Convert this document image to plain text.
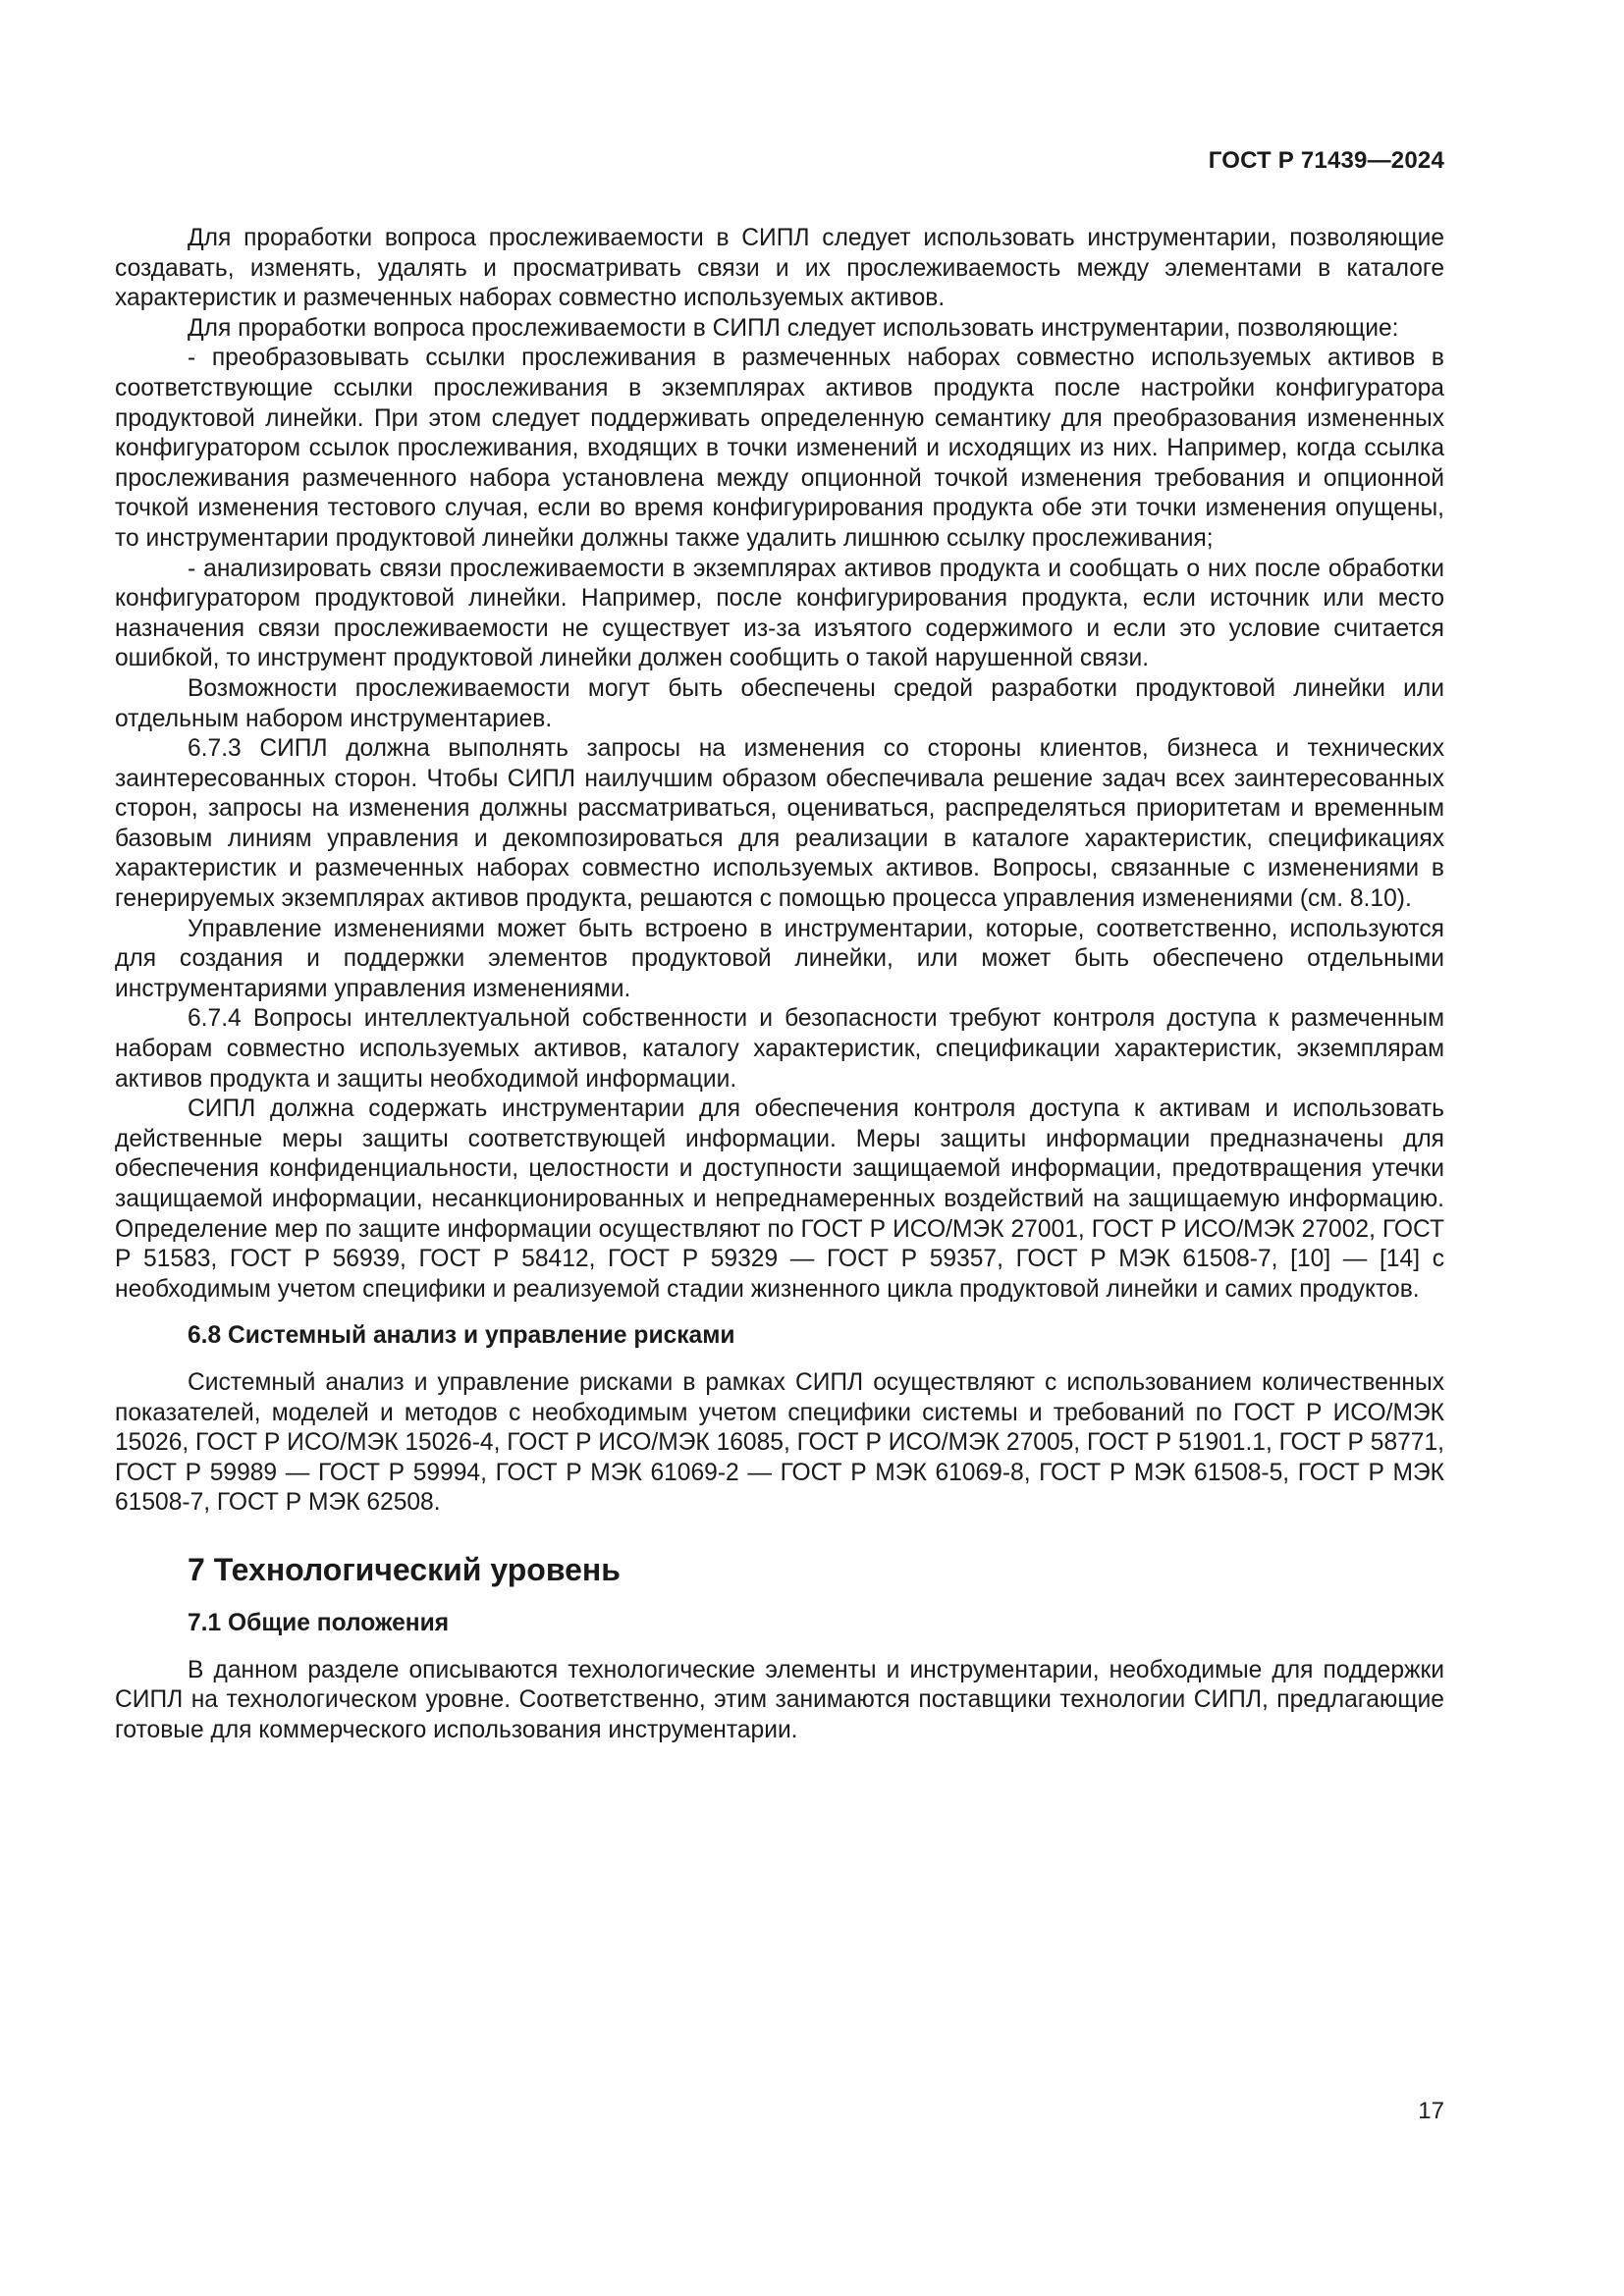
ГОСТ Р 71439—2024

Для проработки вопроса прослеживаемости в СИПЛ следует использовать инструментарии, позволяющие создавать, изменять, удалять и просматривать связи и их прослеживаемость между элементами в каталоге характеристик и размеченных наборах совместно используемых активов.

Для проработки вопроса прослеживаемости в СИПЛ следует использовать инструментарии, позволяющие:

- преобразовывать ссылки прослеживания в размеченных наборах совместно используемых активов в соответствующие ссылки прослеживания в экземплярах активов продукта после настройки конфигуратора продуктовой линейки. При этом следует поддерживать определенную семантику для преобразования измененных конфигуратором ссылок прослеживания, входящих в точки изменений и исходящих из них. Например, когда ссылка прослеживания размеченного набора установлена между опционной точкой изменения требования и опционной точкой изменения тестового случая, если во время конфигурирования продукта обе эти точки изменения опущены, то инструментарии продуктовой линейки должны также удалить лишнюю ссылку прослеживания;

- анализировать связи прослеживаемости в экземплярах активов продукта и сообщать о них после обработки конфигуратором продуктовой линейки. Например, после конфигурирования продукта, если источник или место назначения связи прослеживаемости не существует из-за изъятого содержимого и если это условие считается ошибкой, то инструмент продуктовой линейки должен сообщить о такой нарушенной связи.

Возможности прослеживаемости могут быть обеспечены средой разработки продуктовой линейки или отдельным набором инструментариев.

6.7.3 СИПЛ должна выполнять запросы на изменения со стороны клиентов, бизнеса и технических заинтересованных сторон. Чтобы СИПЛ наилучшим образом обеспечивала решение задач всех заинтересованных сторон, запросы на изменения должны рассматриваться, оцениваться, распределяться приоритетам и временным базовым линиям управления и декомпозироваться для реализации в каталоге характеристик, спецификациях характеристик и размеченных наборах совместно используемых активов. Вопросы, связанные с изменениями в генерируемых экземплярах активов продукта, решаются с помощью процесса управления изменениями (см. 8.10).

Управление изменениями может быть встроено в инструментарии, которые, соответственно, используются для создания и поддержки элементов продуктовой линейки, или может быть обеспечено отдельными инструментариями управления изменениями.

6.7.4 Вопросы интеллектуальной собственности и безопасности требуют контроля доступа к размеченным наборам совместно используемых активов, каталогу характеристик, спецификации характеристик, экземплярам активов продукта и защиты необходимой информации.

СИПЛ должна содержать инструментарии для обеспечения контроля доступа к активам и использовать действенные меры защиты соответствующей информации. Меры защиты информации предназначены для обеспечения конфиденциальности, целостности и доступности защищаемой информации, предотвращения утечки защищаемой информации, несанкционированных и непреднамеренных воздействий на защищаемую информацию. Определение мер по защите информации осуществляют по ГОСТ Р ИСО/МЭК 27001, ГОСТ Р ИСО/МЭК 27002, ГОСТ Р 51583, ГОСТ Р 56939, ГОСТ Р 58412, ГОСТ Р 59329 — ГОСТ Р 59357, ГОСТ Р МЭК 61508-7, [10] — [14] с необходимым учетом специфики и реализуемой стадии жизненного цикла продуктовой линейки и самих продуктов.

6.8 Системный анализ и управление рисками

Системный анализ и управление рисками в рамках СИПЛ осуществляют с использованием количественных показателей, моделей и методов с необходимым учетом специфики системы и требований по ГОСТ Р ИСО/МЭК 15026, ГОСТ Р ИСО/МЭК 15026-4, ГОСТ Р ИСО/МЭК 16085, ГОСТ Р ИСО/​МЭК 27005, ГОСТ Р 51901.1, ГОСТ Р 58771, ГОСТ Р 59989 — ГОСТ Р 59994, ГОСТ Р МЭК 61069-2 — ГОСТ Р МЭК 61069-8, ГОСТ Р МЭК 61508-5, ГОСТ Р МЭК 61508-7, ГОСТ Р МЭК 62508.

7 Технологический уровень

7.1 Общие положения

В данном разделе описываются технологические элементы и инструментарии, необходимые для поддержки СИПЛ на технологическом уровне. Соответственно, этим занимаются поставщики технологии СИПЛ, предлагающие готовые для коммерческого использования инструментарии.

17
